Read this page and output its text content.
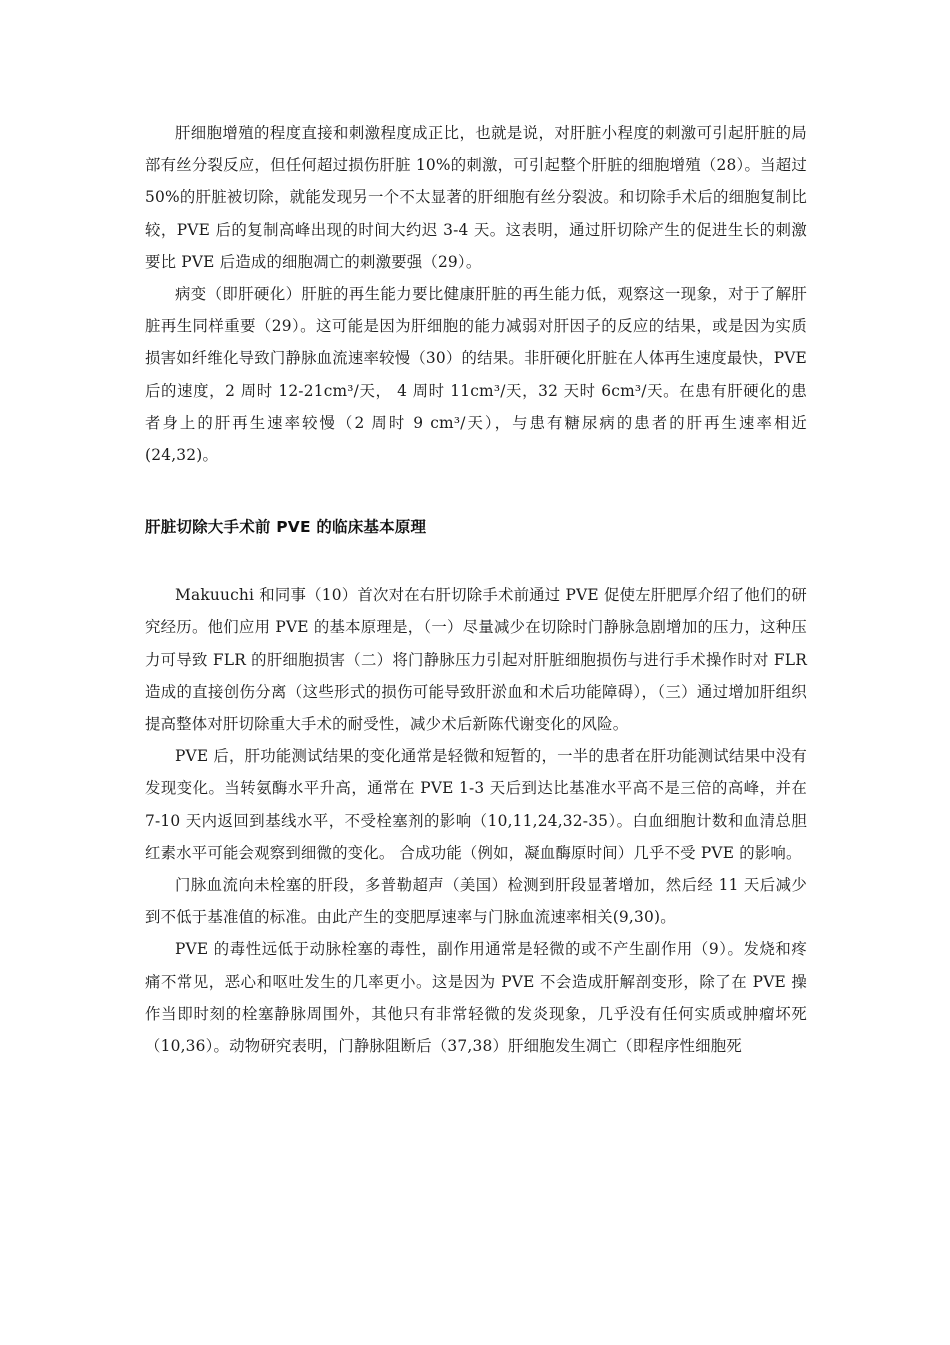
肝细胞增殖的程度直接和刺激程度成正比，也就是说，对肝脏小程度的刺激可引起肝脏的局部有丝分裂反应，但任何超过损伤肝脏 10%的刺激，可引起整个肝脏的细胞增殖（28）。当超过 50%的肝脏被切除，就能发现另一个不太显著的肝细胞有丝分裂波。和切除手术后的细胞复制比较，PVE 后的复制高峰出现的时间大约迟 3-4 天。这表明，通过肝切除产生的促进生长的刺激要比 PVE 后造成的细胞凋亡的刺激要强（29）。

病变（即肝硬化）肝脏的再生能力要比健康肝脏的再生能力低，观察这一现象，对于了解肝脏再生同样重要（29）。这可能是因为肝细胞的能力减弱对肝因子的反应的结果，或是因为实质损害如纤维化导致门静脉血流速率较慢（30）的结果。非肝硬化肝脏在人体再生速度最快，PVE 后的速度，2 周时 12-21cm³/天， 4 周时 11cm³/天，32 天时 6cm³/天。在患有肝硬化的患者身上的肝再生速率较慢（2 周时 9 cm³/天），与患有糖尿病的患者的肝再生速率相近(24,32)。

肝脏切除大手术前 PVE 的临床基本原理

Makuuchi 和同事（10）首次对在右肝切除手术前通过 PVE 促使左肝肥厚介绍了他们的研究经历。他们应用 PVE 的基本原理是，（一）尽量减少在切除时门静脉急剧增加的压力，这种压力可导致 FLR 的肝细胞损害（二）将门静脉压力引起对肝脏细胞损伤与进行手术操作时对 FLR 造成的直接创伤分离（这些形式的损伤可能导致肝淤血和术后功能障碍），（三）通过增加肝组织提高整体对肝切除重大手术的耐受性，减少术后新陈代谢变化的风险。

PVE 后，肝功能测试结果的变化通常是轻微和短暂的，一半的患者在肝功能测试结果中没有发现变化。当转氨酶水平升高，通常在 PVE 1-3 天后到达比基准水平高不是三倍的高峰，并在 7-10 天内返回到基线水平，不受栓塞剂的影响（10,11,24,32-35）。白血细胞计数和血清总胆红素水平可能会观察到细微的变化。 合成功能（例如，凝血酶原时间）几乎不受 PVE 的影响。

门脉血流向未栓塞的肝段，多普勒超声（美国）检测到肝段显著增加，然后经 11 天后减少到不低于基准值的标准。由此产生的变肥厚速率与门脉血流速率相关(9,30)。

PVE 的毒性远低于动脉栓塞的毒性，副作用通常是轻微的或不产生副作用（9）。发烧和疼痛不常见，恶心和呕吐发生的几率更小。这是因为 PVE 不会造成肝解剖变形，除了在 PVE 操作当即时刻的栓塞静脉周围外，其他只有非常轻微的发炎现象，几乎没有任何实质或肿瘤坏死（10,36）。动物研究表明，门静脉阻断后（37,38）肝细胞发生凋亡（即程序性细胞死
